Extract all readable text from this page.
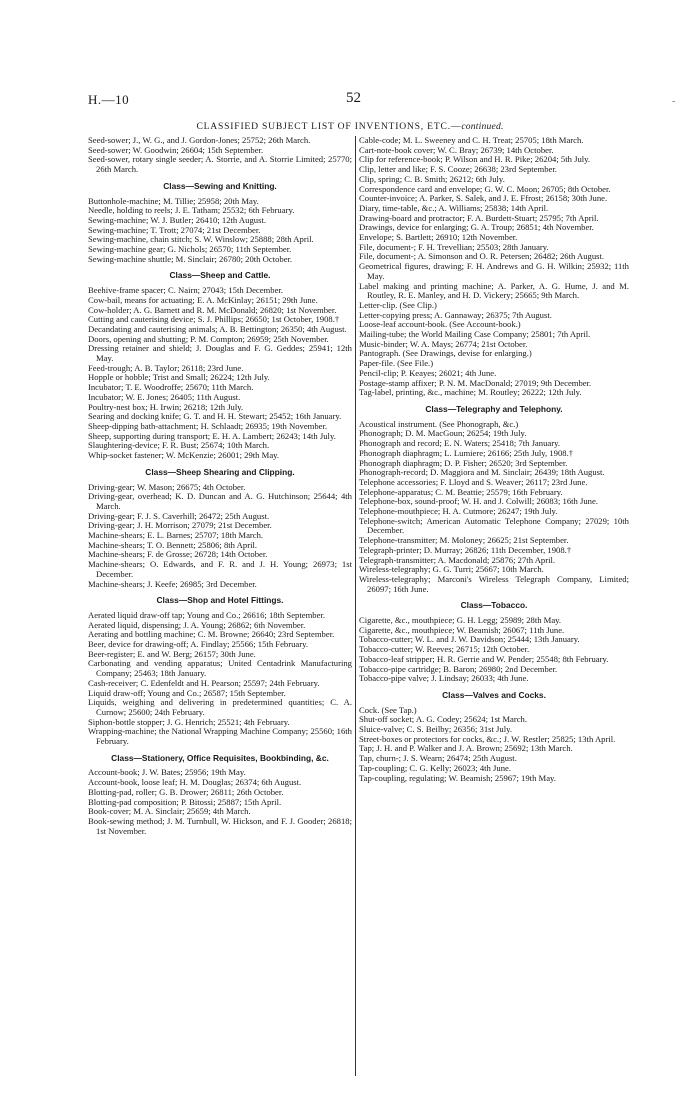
H.—10	52	-
CLASSIFIED SUBJECT LIST OF INVENTIONS, ETC.—continued.
Seed-sower; J., W. G., and J. Gordon-Jones; 25752; 26th March.
Seed-sower; W. Goodwin; 26604; 15th September.
Seed-sower, rotary single seeder; A. Storrie, and A. Storrie Limited; 25770; 26th March.
Class—Sewing and Knitting.
Buttonhole-machine; M. Tillie; 25958; 20th May.
Needle, holding to reels; J. E. Tatham; 25532; 6th February.
Sewing-machine; W. J. Butler; 26410; 12th August.
Sewing-machine; T. Trott; 27074; 21st December.
Sewing-machine, chain stitch; S. W. Winslow; 25888; 28th April.
Sewing-machine gear; G. Nichols; 26570; 11th September.
Sewing-machine shuttle; M. Sinclair; 26780; 20th October.
Class—Sheep and Cattle.
Beehive-frame spacer; C. Nairn; 27043; 15th December.
Cow-bail, means for actuating; E. A. McKinlay; 26151; 29th June.
Cow-holder; A. G. Barnett and R. M. McDonald; 26820; 1st November.
Cutting and cauterising device; S. J. Phillips; 26650; 1st October, 1908.†
Decandating and cauterising animals; A. B. Bettington; 26350; 4th August.
Doors, opening and shutting; P. M. Compton; 26959; 25th November.
Dressing retainer and shield; J. Douglas and F. G. Geddes; 25941; 12th May.
Feed-trough; A. B. Taylor; 26118; 23rd June.
Hopple or hobble; Trist and Small; 26224; 12th July.
Incubator; T. E. Woodroffe; 25670; 11th March.
Incubator; W. E. Jones; 26405; 11th August.
Poultry-nest box; H. Irwin; 26218; 12th July.
Searing and docking knife; G. T. and H. H. Stewart; 25452; 16th January.
Sheep-dipping bath-attachment; H. Schlaadt; 26935; 19th November.
Sheep, supporting during transport; E. H. A. Lambert; 26243; 14th July.
Slaughtering-device; F. R. Bust; 25674; 10th March.
Whip-socket fastener; W. McKenzie; 26001; 29th May.
Class—Sheep Shearing and Clipping.
Driving-gear; W. Mason; 26675; 4th October.
Driving-gear, overhead; K. D. Duncan and A. G. Hutchinson; 25644; 4th March.
Driving-gear; F. J. S. Caverhill; 26472; 25th August.
Driving-gear; J. H. Morrison; 27079; 21st December.
Machine-shears; E. L. Barnes; 25707; 18th March.
Machine-shears; T. O. Bennett; 25806; 8th April.
Machine-shears; F. de Grosse; 26728; 14th October.
Machine-shears; O. Edwards, and F. R. and J. H. Young; 26973; 1st December.
Machine-shears; J. Keefe; 26985; 3rd December.
Class—Shop and Hotel Fittings.
Aerated liquid draw-off tap; Young and Co.; 26616; 18th September.
Aerated liquid, dispensing; J. A. Young; 26862; 6th November.
Aerating and bottling machine; C. M. Browne; 26640; 23rd September.
Beer, device for drawing-off; A. Findlay; 25566; 15th February.
Beer-register; E. and W. Berg; 26157; 30th June.
Carbonating and vending apparatus; United Centadrink Manufacturing Company; 25463; 18th January.
Cash-receiver; C. Edenfeldt and H. Pearson; 25597; 24th February.
Liquid draw-off; Young and Co.; 26587; 15th September.
Liquids, weighing and delivering in predetermined quantities; C. A. Curnow; 25600; 24th February.
Siphon-bottle stopper; J. G. Henrich; 25521; 4th February.
Wrapping-machine; the National Wrapping Machine Company; 25560; 16th February.
Class—Stationery, Office Requisites, Bookbinding, &c.
Account-book; J. W. Bates; 25956; 19th May.
Account-book, loose leaf; H. M. Douglas; 26374; 6th August.
Blotting-pad, roller; G. B. Drower; 26811; 26th October.
Blotting-pad composition; P. Bitossi; 25887; 15th April.
Book-cover; M. A. Sinclair; 25659; 4th March.
Book-sewing method; J. M. Turnbull, W. Hickson, and F. J. Gooder; 26818; 1st November.
Cable-code; M. L. Sweeney and C. H. Treat; 25705; 18th March.
Cart-note-book cover; W. C. Bray; 26739; 14th October.
Clip for reference-book; P. Wilson and H. R. Pike; 26204; 5th July.
Clip, letter and like; F. S. Cooze; 26638; 23rd September.
Clip, spring; C. B. Smith; 26212; 6th July.
Correspondence card and envelope; G. W. C. Moon; 26705; 8th October.
Counter-invoice; A. Parker, S. Salek, and J. E. Ffrost; 26158; 30th June.
Diary, time-table, &c.; A. Williams; 25838; 14th April.
Drawing-board and protractor; F. A. Burdett-Stuart; 25795; 7th April.
Drawings, device for enlarging; G. A. Troup; 26851; 4th November.
Envelope; S. Bartlett; 26910; 12th November.
File, document-; F. H. Trevellian; 25503; 28th January.
File, document-; A. Simonson and O. R. Petersen; 26482; 26th August.
Geometrical figures, drawing; F. H. Andrews and G. H. Wilkin; 25932; 11th May.
Label making and printing machine; A. Parker, A. G. Hume, J. and M. Routley, R. E. Manley, and H. D. Vickery; 25665; 9th March.
Letter-clip. (See Clip.)
Letter-copying press; A. Gannaway; 26375; 7th August.
Loose-leaf account-book. (See Account-book.)
Mailing-tube; the World Mailing Case Company; 25801; 7th April.
Music-binder; W. A. Mays; 26774; 21st October.
Pantograph. (See Drawings, devise for enlarging.)
Paper-file. (See File.)
Pencil-clip; P. Keayes; 26021; 4th June.
Postage-stamp affixer; P. N. M. MacDonald; 27019; 9th December.
Tag-label, printing, &c., machine; M. Routley; 26222; 12th July.
Class—Telegraphy and Telephony.
Acoustical instrument. (See Phonograph, &c.)
Phonograph; D. M. MacGoun; 26254; 19th July.
Phonograph and record; E. N. Waters; 25418; 7th January.
Phonograph diaphragm; L. Lumiere; 26166; 25th July, 1908.†
Phonograph diaphragm; D. P. Fisher; 26520; 3rd September.
Phonograph-record; D. Maggiora and M. Sinclair; 26439; 18th August.
Telephone accessories; F. Lloyd and S. Weaver; 26117; 23rd June.
Telephone-apparatus; C. M. Beattie; 25579; 16th February.
Telephone-box, sound-proof; W. H. and J. Colwill; 26083; 16th June.
Telephone-mouthpiece; H. A. Cutmore; 26247; 19th July.
Telephone-switch; American Automatic Telephone Company; 27029; 10th December.
Telephone-transmitter; M. Moloney; 26625; 21st September.
Telegraph-printer; D. Murray; 26826; 11th December, 1908.†
Telegraph-transmitter; A. Macdonald; 25876; 27th April.
Wireless-telegraphy; G. G. Turri; 25667; 10th March.
Wireless-telegraphy; Marconi's Wireless Telegraph Company, Limited; 26097; 16th June.
Class—Tobacco.
Cigarette, &c., mouthpiece; G. H. Legg; 25989; 28th May.
Cigarette, &c., mouthpiece; W. Beamish; 26067; 11th June.
Tobacco-cutter; W. L. and J. W. Davidson; 25444; 13th January.
Tobacco-cutter; W. Reeves; 26715; 12th October.
Tobacco-leaf stripper; H. R. Gerrie and W. Pender; 25548; 8th February.
Tobacco-pipe cartridge; B. Baron; 26980; 2nd December.
Tobacco-pipe valve; J. Lindsay; 26033; 4th June.
Class—Valves and Cocks.
Cock. (See Tap.)
Shut-off socket; A. G. Codey; 25624; 1st March.
Sluice-valve; C. S. Beilby; 26356; 31st July.
Street-boxes or protectors for cocks, &c.; J. W. Restler; 25825; 13th April.
Tap; J. H. and P. Walker and J. A. Brown; 25692; 13th March.
Tap, churn-; J. S. Wearn; 26474; 25th August.
Tap-coupling; C. G. Kelly; 26023; 4th June.
Tap-coupling, regulating; W. Beamish; 25967; 19th May.
